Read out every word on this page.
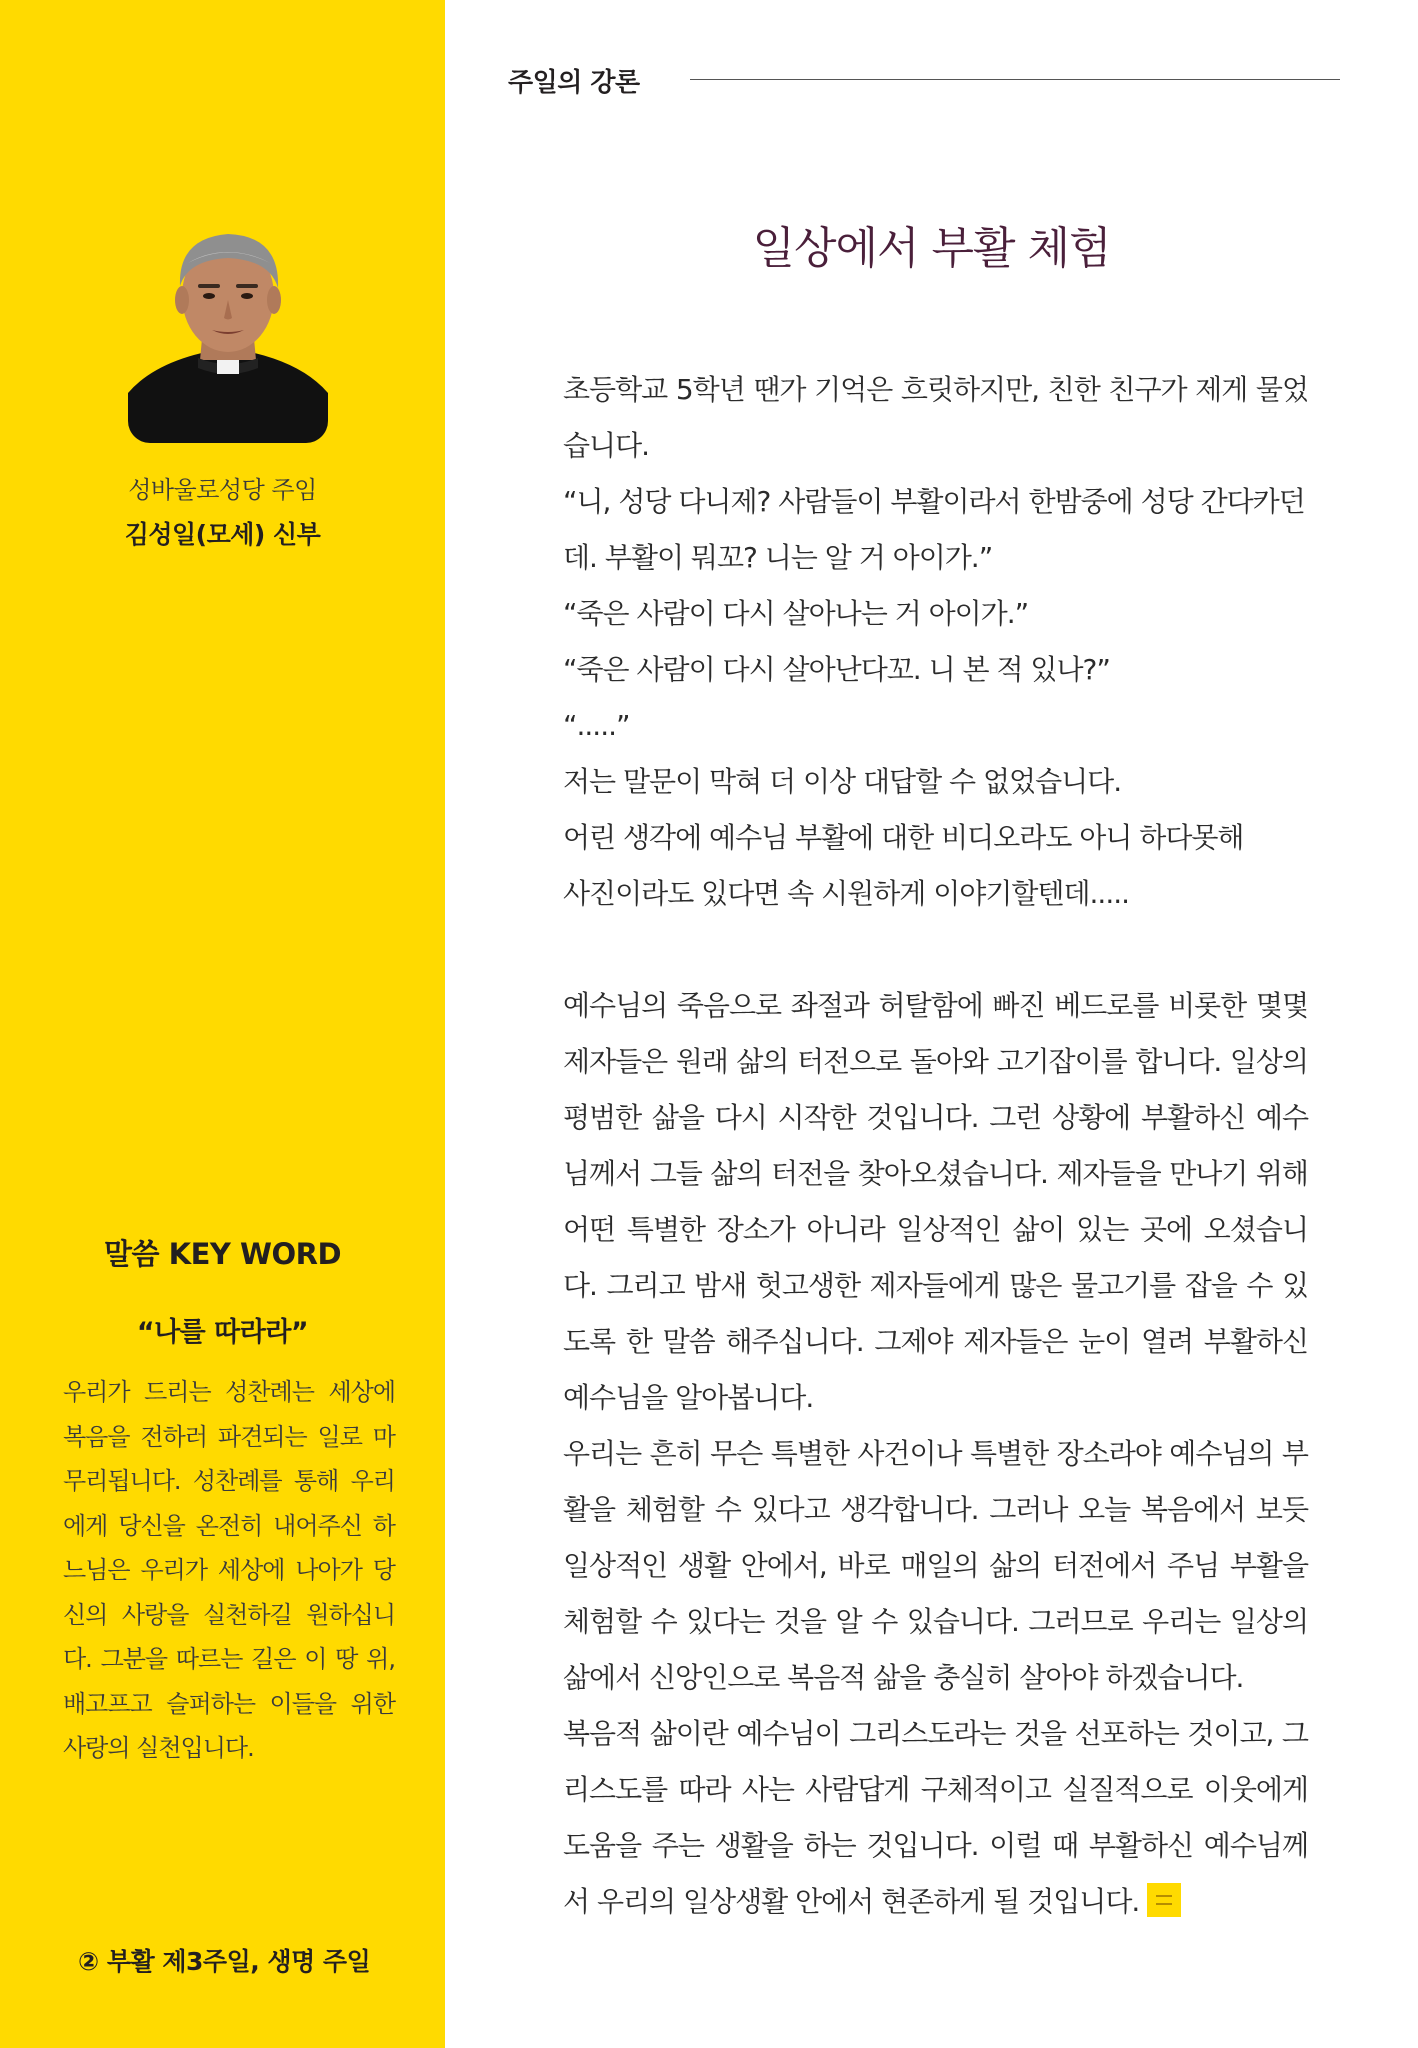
성바울로성당 주임
김성일(모세) 신부
말씀 KEY WORD
“나를 따라라”
우리가 드리는 성찬례는 세상에 복음을 전하러 파견되는 일로 마무리됩니다. 성찬례를 통해 우리에게 당신을 온전히 내어주신 하느님은 우리가 세상에 나아가 당신의 사랑을 실천하길 원하십니다. 그분을 따르는 길은 이 땅 위, 배고프고 슬퍼하는 이들을 위한 사랑의 실천입니다.
② 부활 제3주일, 생명 주일
주일의 강론
일상에서 부활 체험

초등학교 5학년 땐가 기억은 흐릿하지만, 친한 친구가 제게 물었습니다.

“니, 성당 다니제? 사람들이 부활이라서 한밤중에 성당 간다카던데. 부활이 뭐꼬? 니는 알 거 아이가.”

“죽은 사람이 다시 살아나는 거 아이가.”

“죽은 사람이 다시 살아난다꼬. 니 본 적 있나?”

“.....”

저는 말문이 막혀 더 이상 대답할 수 없었습니다.

어린 생각에 예수님 부활에 대한 비디오라도 아니 하다못해

사진이라도 있다면 속 시원하게 이야기할텐데.....

예수님의 죽음으로 좌절과 허탈함에 빠진 베드로를 비롯한 몇몇 제자들은 원래 삶의 터전으로 돌아와 고기잡이를 합니다. 일상의 평범한 삶을 다시 시작한 것입니다. 그런 상황에 부활하신 예수님께서 그들 삶의 터전을 찾아오셨습니다. 제자들을 만나기 위해 어떤 특별한 장소가 아니라 일상적인 삶이 있는 곳에 오셨습니다. 그리고 밤새 헛고생한 제자들에게 많은 물고기를 잡을 수 있도록 한 말씀 해주십니다. 그제야 제자들은 눈이 열려 부활하신 예수님을 알아봅니다.

우리는 흔히 무슨 특별한 사건이나 특별한 장소라야 예수님의 부활을 체험할 수 있다고 생각합니다. 그러나 오늘 복음에서 보듯 일상적인 생활 안에서, 바로 매일의 삶의 터전에서 주님 부활을 체험할 수 있다는 것을 알 수 있습니다. 그러므로 우리는 일상의 삶에서 신앙인으로 복음적 삶을 충실히 살아야 하겠습니다.

복음적 삶이란 예수님이 그리스도라는 것을 선포하는 것이고, 그리스도를 따라 사는 사람답게 구체적이고 실질적으로 이웃에게 도움을 주는 생활을 하는 것입니다. 이럴 때 부활하신 예수님께서 우리의 일상생활 안에서 현존하게 될 것입니다.
